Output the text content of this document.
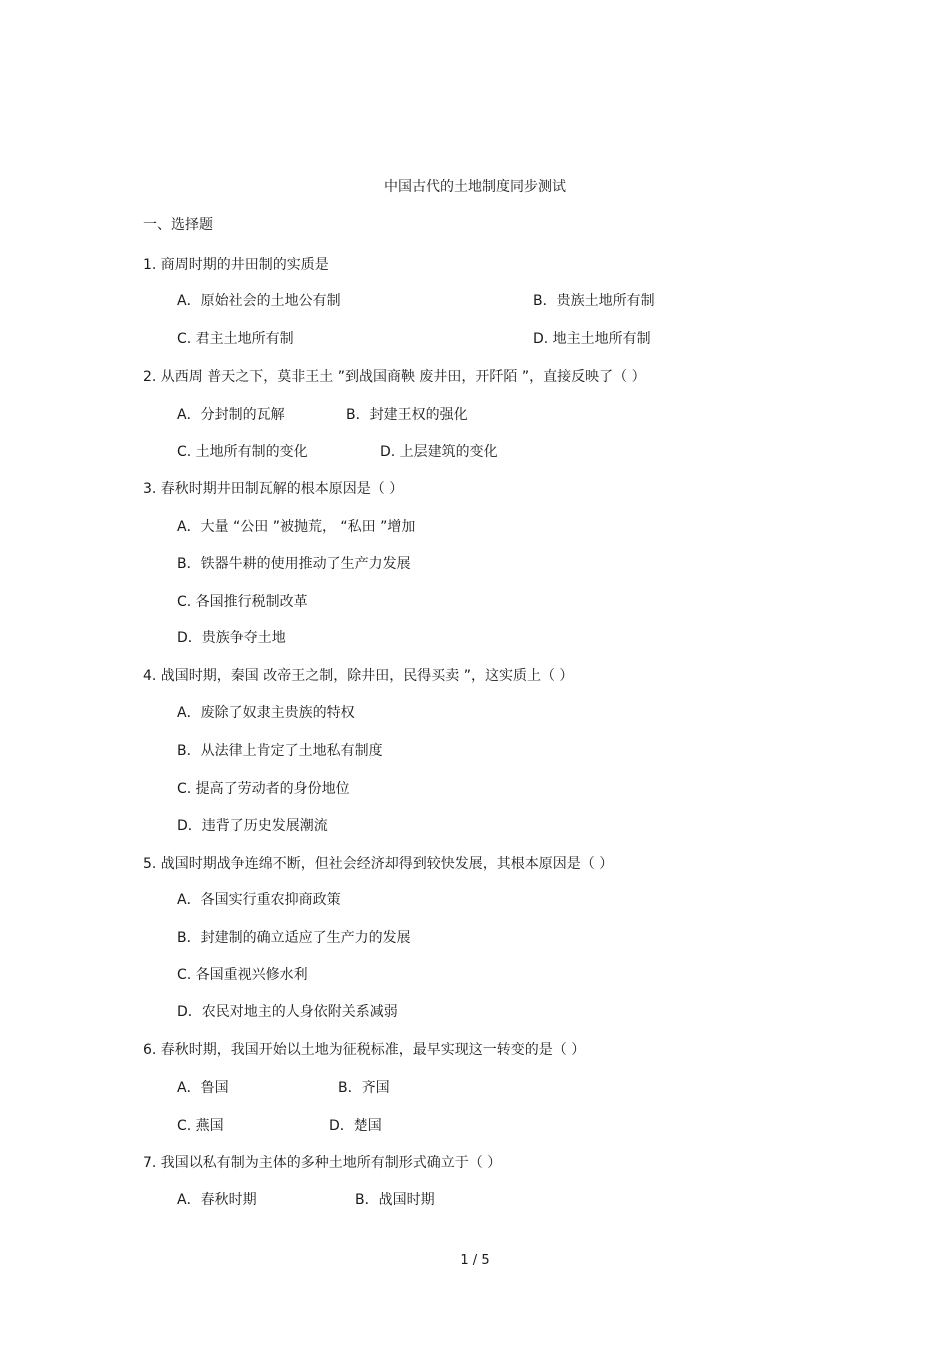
中国古代的土地制度同步测试
一、选择题
1. 商周时期的井田制的实质是
A．原始社会的土地公有制	B．贵族土地所有制
C. 君主土地所有制	D. 地主土地所有制
2. 从西周 普天之下，莫非王土 ”到战国商鞅 废井田，开阡陌 ”，直接反映了（ ）
A．分封制的瓦解	B．封建王权的强化
C. 土地所有制的变化	D. 上层建筑的变化
3. 春秋时期井田制瓦解的根本原因是（ ）
A．大量 “公田 ”被抛荒， “私田 ”增加
B．铁器牛耕的使用推动了生产力发展
C. 各国推行税制改革
D．贵族争夺土地
4. 战国时期，秦国 改帝王之制，除井田，民得买卖 ”，这实质上（ ）
A．废除了奴隶主贵族的特权
B．从法律上肯定了土地私有制度
C. 提高了劳动者的身份地位
D．违背了历史发展潮流
5. 战国时期战争连绵不断，但社会经济却得到较快发展，其根本原因是（ ）
A．各国实行重农抑商政策
B．封建制的确立适应了生产力的发展
C. 各国重视兴修水利
D．农民对地主的人身依附关系减弱
6. 春秋时期，我国开始以土地为征税标准，最早实现这一转变的是（ ）
A．鲁国	B．齐国
C. 燕国	D．楚国
7. 我国以私有制为主体的多种土地所有制形式确立于（ ）
A．春秋时期	B．战国时期
1 / 5
